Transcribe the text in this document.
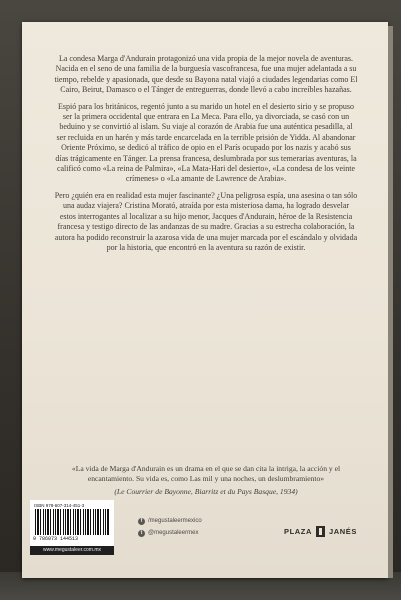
La condesa Marga d'Andurain protagonizó una vida propia de la mejor novela de aventuras. Nacida en el seno de una familia de la burguesía vascofrancesa, fue una mujer adelantada a su tiempo, rebelde y apasionada, que desde su Bayona natal viajó a ciudades legendarias como El Cairo, Beirut, Damasco o el Tánger de entreguerras, donde llevó a cabo increíbles hazañas.

Espió para los británicos, regentó junto a su marido un hotel en el desierto sirio y se propuso ser la primera occidental que entrara en La Meca. Para ello, ya divorciada, se casó con un beduino y se convirtió al islam. Su viaje al corazón de Arabia fue una auténtica pesadilla, al ser recluida en un harén y más tarde encarcelada en la terrible prisión de Yidda. Al abandonar Oriente Próximo, se dedicó al tráfico de opio en el París ocupado por los nazis y acabó sus días trágicamente en Tánger. La prensa francesa, deslumbrada por sus temerarias aventuras, la calificó como «La reina de Palmira», «La Mata-Hari del desierto», «La condesa de los veinte crímenes» o «La amante de Lawrence de Arabia».

Pero ¿quién era en realidad esta mujer fascinante? ¿Una peligrosa espía, una asesina o tan sólo una audaz viajera? Cristina Morató, atraída por esta misteriosa dama, ha logrado desvelar estos interrogantes al localizar a su hijo menor, Jacques d'Andurain, héroe de la Resistencia francesa y testigo directo de las andanzas de su madre. Gracias a su estrecha colaboración, la autora ha podido reconstruir la azarosa vida de una mujer marcada por el escándalo y olvidada por la historia, que encontró en la aventura su razón de existir.

«La vida de Marga d'Andurain es un drama en el que se dan cita la intriga, la acción y el encantamiento. Su vida es, como Las mil y una noches, un deslumbramiento»
(Le Courrier de Bayonne, Biarritz et du Pays Basque, 1934)
ISBN 978-607-314-451-3
9 786073 144513
www.megustaleer.com.mx
f /megustaleermexico
t @megustaleermex	PLAZA JANÉS
